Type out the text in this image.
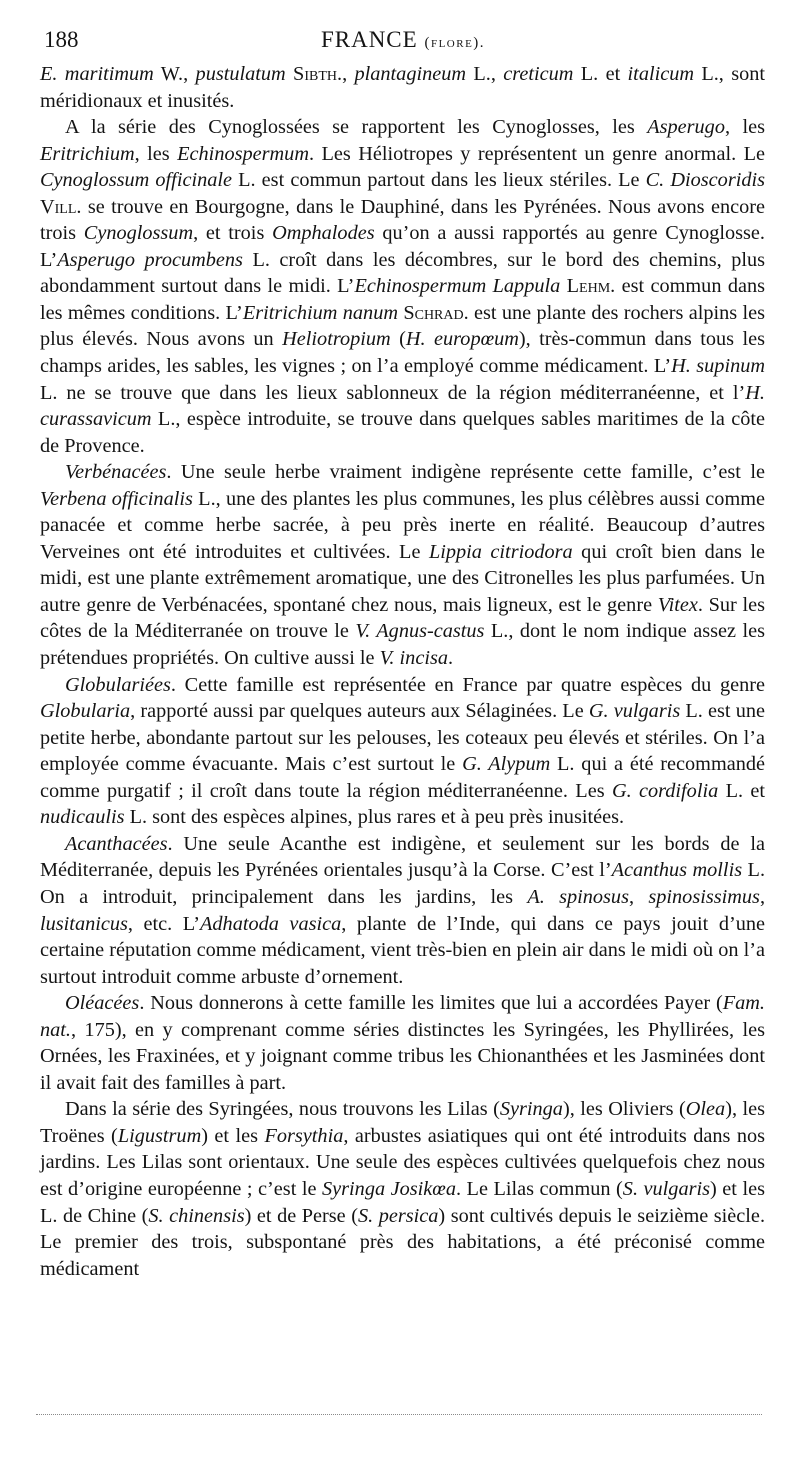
188	FRANCE (flore).

E. maritimum W., pustulatum Sibth., plantagineum L., creticum L. et italicum L., sont méridionaux et inusités.

A la série des Cynoglossées se rapportent les Cynoglosses, les Asperugo, les Eritrichium, les Echinospermum. Les Héliotropes y représentent un genre anormal. Le Cynoglossum officinale L. est commun partout dans les lieux stériles. Le C. Dioscoridis Vill. se trouve en Bourgogne, dans le Dauphiné, dans les Pyrénées. Nous avons encore trois Cynoglossum, et trois Omphalodes qu’on a aussi rapportés au genre Cynoglosse. L’Asperugo procumbens L. croît dans les décombres, sur le bord des chemins, plus abondamment surtout dans le midi. L’Echinospermum Lappula Lehm. est commun dans les mêmes conditions. L’Eritrichium nanum Schrad. est une plante des rochers alpins les plus élevés. Nous avons un Heliotropium (H. europœum), très-commun dans tous les champs arides, les sables, les vignes ; on l’a employé comme médicament. L’H. supinum L. ne se trouve que dans les lieux sablonneux de la région méditerranéenne, et l’H. curassavicum L., espèce introduite, se trouve dans quelques sables maritimes de la côte de Provence.

Verbénacées. Une seule herbe vraiment indigène représente cette famille, c’est le Verbena officinalis L., une des plantes les plus communes, les plus célèbres aussi comme panacée et comme herbe sacrée, à peu près inerte en réalité. Beaucoup d’autres Verveines ont été introduites et cultivées. Le Lippia citriodora qui croît bien dans le midi, est une plante extrêmement aromatique, une des Citronelles les plus parfumées. Un autre genre de Verbénacées, spontané chez nous, mais ligneux, est le genre Vitex. Sur les côtes de la Méditerranée on trouve le V. Agnus-castus L., dont le nom indique assez les prétendues propriétés. On cultive aussi le V. incisa.

Globulariées. Cette famille est représentée en France par quatre espèces du genre Globularia, rapporté aussi par quelques auteurs aux Sélaginées. Le G. vulgaris L. est une petite herbe, abondante partout sur les pelouses, les coteaux peu élevés et stériles. On l’a employée comme évacuante. Mais c’est surtout le G. Alypum L. qui a été recommandé comme purgatif ; il croît dans toute la région méditerranéenne. Les G. cordifolia L. et nudicaulis L. sont des espèces alpines, plus rares et à peu près inusitées.

Acanthacées. Une seule Acanthe est indigène, et seulement sur les bords de la Méditerranée, depuis les Pyrénées orientales jusqu’à la Corse. C’est l’Acanthus mollis L. On a introduit, principalement dans les jardins, les A. spinosus, spinosissimus, lusitanicus, etc. L’Adhatoda vasica, plante de l’Inde, qui dans ce pays jouit d’une certaine réputation comme médicament, vient très-bien en plein air dans le midi où on l’a surtout introduit comme arbuste d’ornement.

Oléacées. Nous donnerons à cette famille les limites que lui a accordées Payer (Fam. nat., 175), en y comprenant comme séries distinctes les Syringées, les Phyllirées, les Ornées, les Fraxinées, et y joignant comme tribus les Chionanthées et les Jasminées dont il avait fait des familles à part.

Dans la série des Syringées, nous trouvons les Lilas (Syringa), les Oliviers (Olea), les Troënes (Ligustrum) et les Forsythia, arbustes asiatiques qui ont été introduits dans nos jardins. Les Lilas sont orientaux. Une seule des espèces cultivées quelquefois chez nous est d’origine européenne ; c’est le Syringa Josikœa. Le Lilas commun (S. vulgaris) et les L. de Chine (S. chinensis) et de Perse (S. persica) sont cultivés depuis le seizième siècle. Le premier des trois, subspontané près des habitations, a été préconisé comme médicament
